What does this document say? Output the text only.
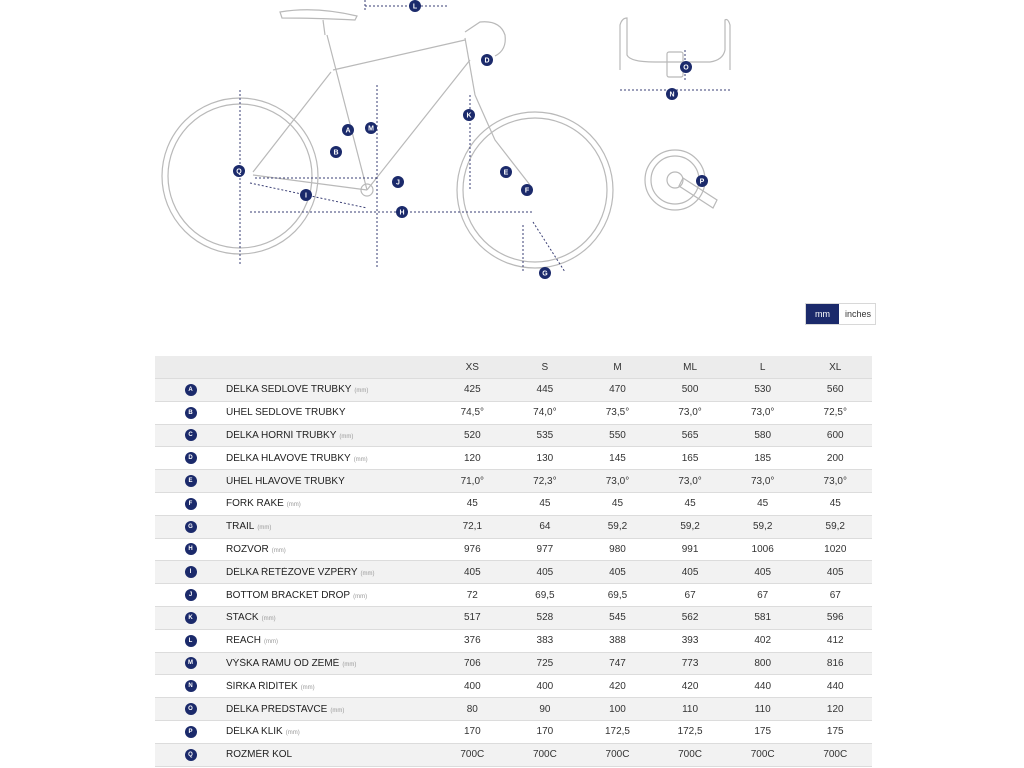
A
B
D
E
F
G
H
I
J
K
L
M
N
O
P
Q
mm	inches
XS	S	M	ML	L	XL
A	DÉLKA SEDLOVÉ TRUBKY (mm)	425	445	470	500	530	560
B	ÚHEL SEDLOVÉ TRUBKY	74,5°	74,0°	73,5°	73,0°	73,0°	72,5°
C	DÉLKA HORNÍ TRUBKY (mm)	520	535	550	565	580	600
D	DÉLKA HLAVOVÉ TRUBKY (mm)	120	130	145	165	185	200
E	ÚHEL HLAVOVÉ TRUBKY	71,0°	72,3°	73,0°	73,0°	73,0°	73,0°
F	FORK RAKE (mm)	45	45	45	45	45	45
G	TRAIL (mm)	72,1	64	59,2	59,2	59,2	59,2
H	ROZVOR (mm)	976	977	980	991	1006	1020
I	DÉLKA ŘETĚZOVÉ VZPĚRY (mm)	405	405	405	405	405	405
J	BOTTOM BRACKET DROP (mm)	72	69,5	69,5	67	67	67
K	STACK (mm)	517	528	545	562	581	596
L	REACH (mm)	376	383	388	393	402	412
M	VÝŠKA RÁMU OD ZEMĚ (mm)	706	725	747	773	800	816
N	ŠÍŘKA ŘÍDÍTEK (mm)	400	400	420	420	440	440
O	DÉLKA PŘEDSTAVCE (mm)	80	90	100	110	110	120
P	DÉLKA KLIK (mm)	170	170	172,5	172,5	175	175
Q	ROZMĚR KOL	700C	700C	700C	700C	700C	700C
